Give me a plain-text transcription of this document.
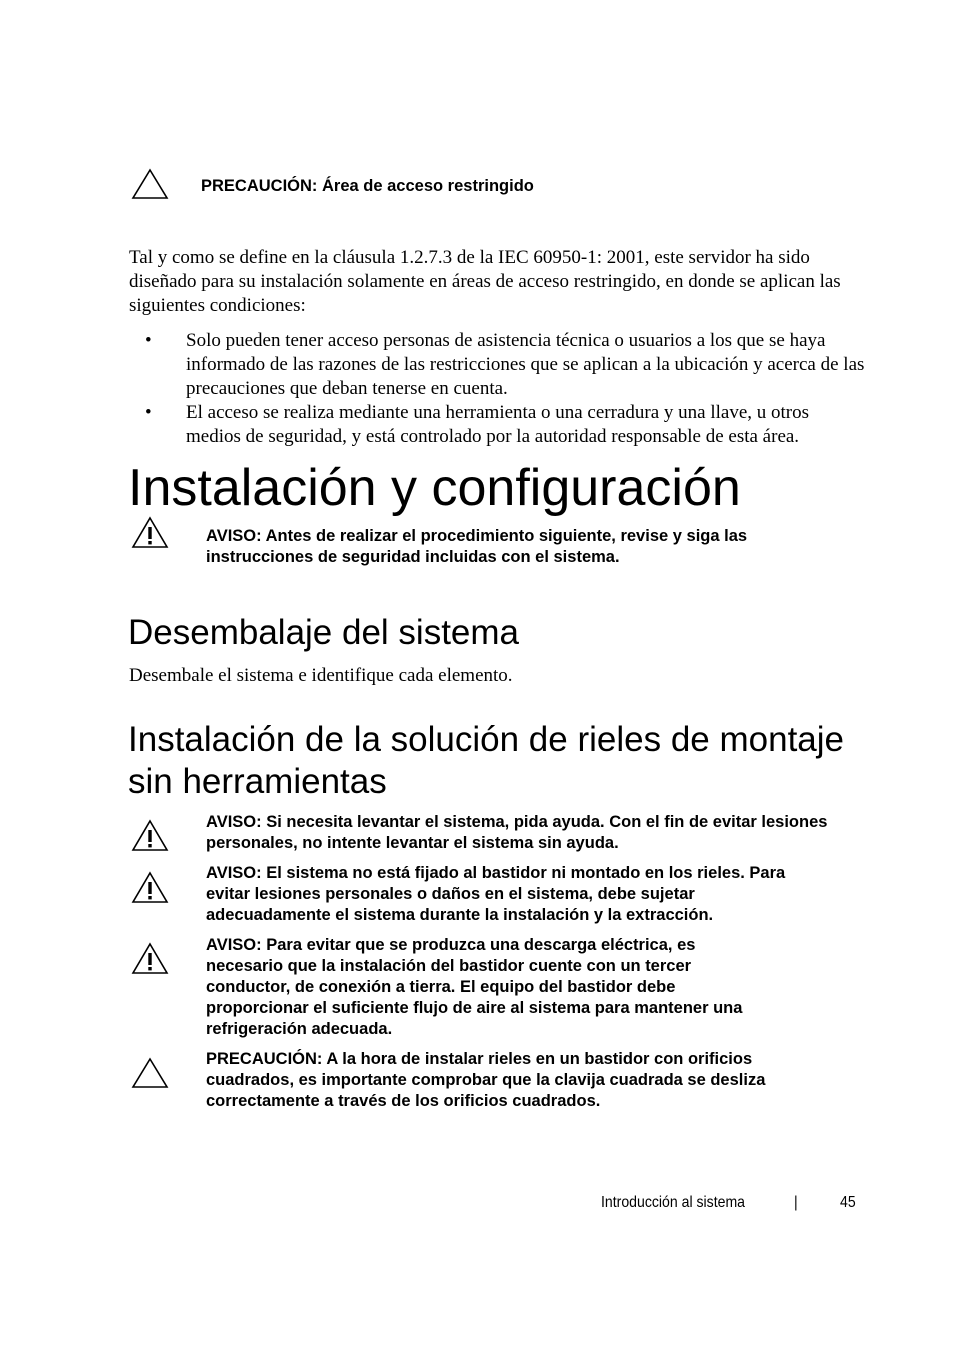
PRECAUCIÓN: Área de acceso restringido

Tal y como se define en la cláusula 1.2.7.3 de la IEC 60950-1: 2001, este servidor ha sido diseñado para su instalación solamente en áreas de acceso restringido, en donde se aplican las siguientes condiciones:

• Solo pueden tener acceso personas de asistencia técnica o usuarios a los que se haya informado de las razones de las restricciones que se aplican a la ubicación y acerca de las precauciones que deban tenerse en cuenta.

• El acceso se realiza mediante una herramienta o una cerradura y una llave, u otros medios de seguridad, y está controlado por la autoridad responsable de esta área.

Instalación y configuración
AVISO: Antes de realizar el procedimiento siguiente, revise y siga las instrucciones de seguridad incluidas con el sistema.
Desembalaje del sistema

Desembale el sistema e identifique cada elemento.

Instalación de la solución de rieles de montaje sin herramientas
AVISO: Si necesita levantar el sistema, pida ayuda. Con el fin de evitar lesiones personales, no intente levantar el sistema sin ayuda.
AVISO: El sistema no está fijado al bastidor ni montado en los rieles. Para evitar lesiones personales o daños en el sistema, debe sujetar adecuadamente el sistema durante la instalación y la extracción.
AVISO: Para evitar que se produzca una descarga eléctrica, es necesario que la instalación del bastidor cuente con un tercer conductor, de conexión a tierra. El equipo del bastidor debe proporcionar el suficiente flujo de aire al sistema para mantener una refrigeración adecuada.
PRECAUCIÓN: A la hora de instalar rieles en un bastidor con orificios cuadrados, es importante comprobar que la clavija cuadrada se desliza correctamente a través de los orificios cuadrados.
Introducción al sistema	|	45
